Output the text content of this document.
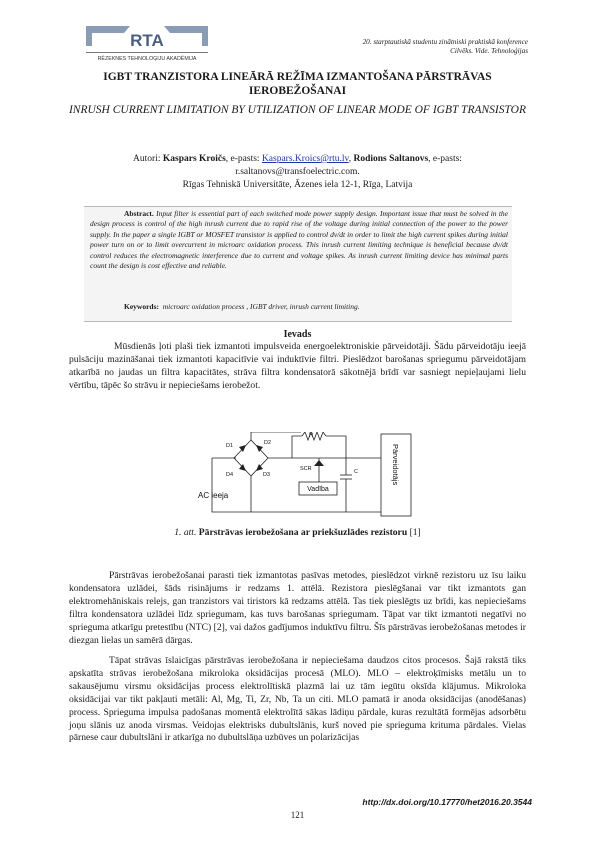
RTA
RĒZEKNES TEHNOLOĢIJU AKADĒMIJA
20. starptautiskā studentu zinātniski praktiskā konference
Cilvēks. Vide. Tehnoloģijas
IGBT TRANZISTORA LINEĀRĀ REŽĪMA IZMANTOŠANA PĀRSTRĀVAS IEROBEŽOŠANAI
INRUSH CURRENT LIMITATION BY UTILIZATION OF LINEAR MODE OF IGBT TRANSISTOR
Autori: Kaspars Kroičs, e-pasts: Kaspars.Kroics@rtu.lv, Rodions Saltanovs, e-pasts:
r.saltanovs@transfoelectric.com.
Rīgas Tehniskā Universitāte, Āzenes iela 12-1, Rīga, Latvija
Abstract. Input filter is essential part of each switched mode power supply design. Important issue that must be solved in the design process is control of the high inrush current due to rapid rise of the voltage during initial connection of the power to the power supply. In the paper a single IGBT or MOSFET transistor is applied to control dv/dt in order to limit the high current spikes during initial power turn on or to limit overcurrent in microarc oxidation process. This inrush current limiting technique is beneficial because dv/dt control reduces the electromagnetic interference due to current and voltage spikes. As inrush current limiting device has minimal parts count the design is cost effective and reliable.
Keywords: microarc oxidation process , IGBT driver, inrush current limiting.
Ievads

Mūsdienās ļoti plaši tiek izmantoti impulsveida energoelektroniskie pārveidotāji. Šādu pārveidotāju ieejā pulsāciju mazināšanai tiek izmantoti kapacitīvie vai induktīvie filtri. Pieslēdzot barošanas spriegumu pārveidotājam atkarībā no jaudas un filtra kapacitātes, strāva filtra kondensatorā sākotnējā brīdī var sasniegt nepieļaujami lielu vērtību, tāpēc šo strāvu ir nepieciešams ierobežot.

R
D1	D2
D3
D4
SCR
Vadība
C
AC ieeja
Pārveidotājs
1. att. Pārstrāvas ierobežošana ar priekšuzlādes rezistoru [1]

Pārstrāvas ierobežošanai parasti tiek izmantotas pasīvas metodes, pieslēdzot virknē rezistoru uz īsu laiku kondensatora uzlādei, šāds risinājums ir redzams 1. attēlā. Rezistora pieslēgšanai var tikt izmantots gan elektromehāniskais relejs, gan tranzistors vai tiristors kā redzams attēlā. Tas tiek pieslēgts uz brīdi, kas nepieciešams filtra kondensatora uzlādei līdz spriegumam, kas tuvs barošanas spriegumam. Tāpat var tikt izmantoti negatīvi no sprieguma atkarīgu pretestību (NTC) [2], vai dažos gadījumos induktīvu filtru. Šīs pārstrāvas ierobežošanas metodes ir diezgan lielas un samērā dārgas.

Tāpat strāvas īslaicīgas pārstrāvas ierobežošana ir nepieciešama daudzos citos procesos. Šajā rakstā tiks apskatīta strāvas ierobežošana mikroloka oksidācijas procesā (MLO). MLO – elektroķīmisks metālu un to sakausējumu virsmu oksidācijas process elektrolītiskā plazmā lai uz tām iegūtu oksīda klājumus. Mikroloka oksidācijai var tikt pakļauti metāli: Al, Mg, Ti, Zr, Nb, Ta un citi. MLO pamatā ir anoda oksidācijas (anodēšanas) process. Sprieguma impulsa padošanas momentā elektrolītā sākas lādiņu pārdale, kuras rezultātā formējas adsorbētu joņu slānis uz anoda virsmas. Veidojas elektrisks dubultslānis, kurš noved pie sprieguma krituma pārdales. Vielas pārnese caur dubultslāni ir atkarīga no dubultslāņa uzbūves un polarizācijas

http://dx.doi.org/10.17770/het2016.20.3544
121
